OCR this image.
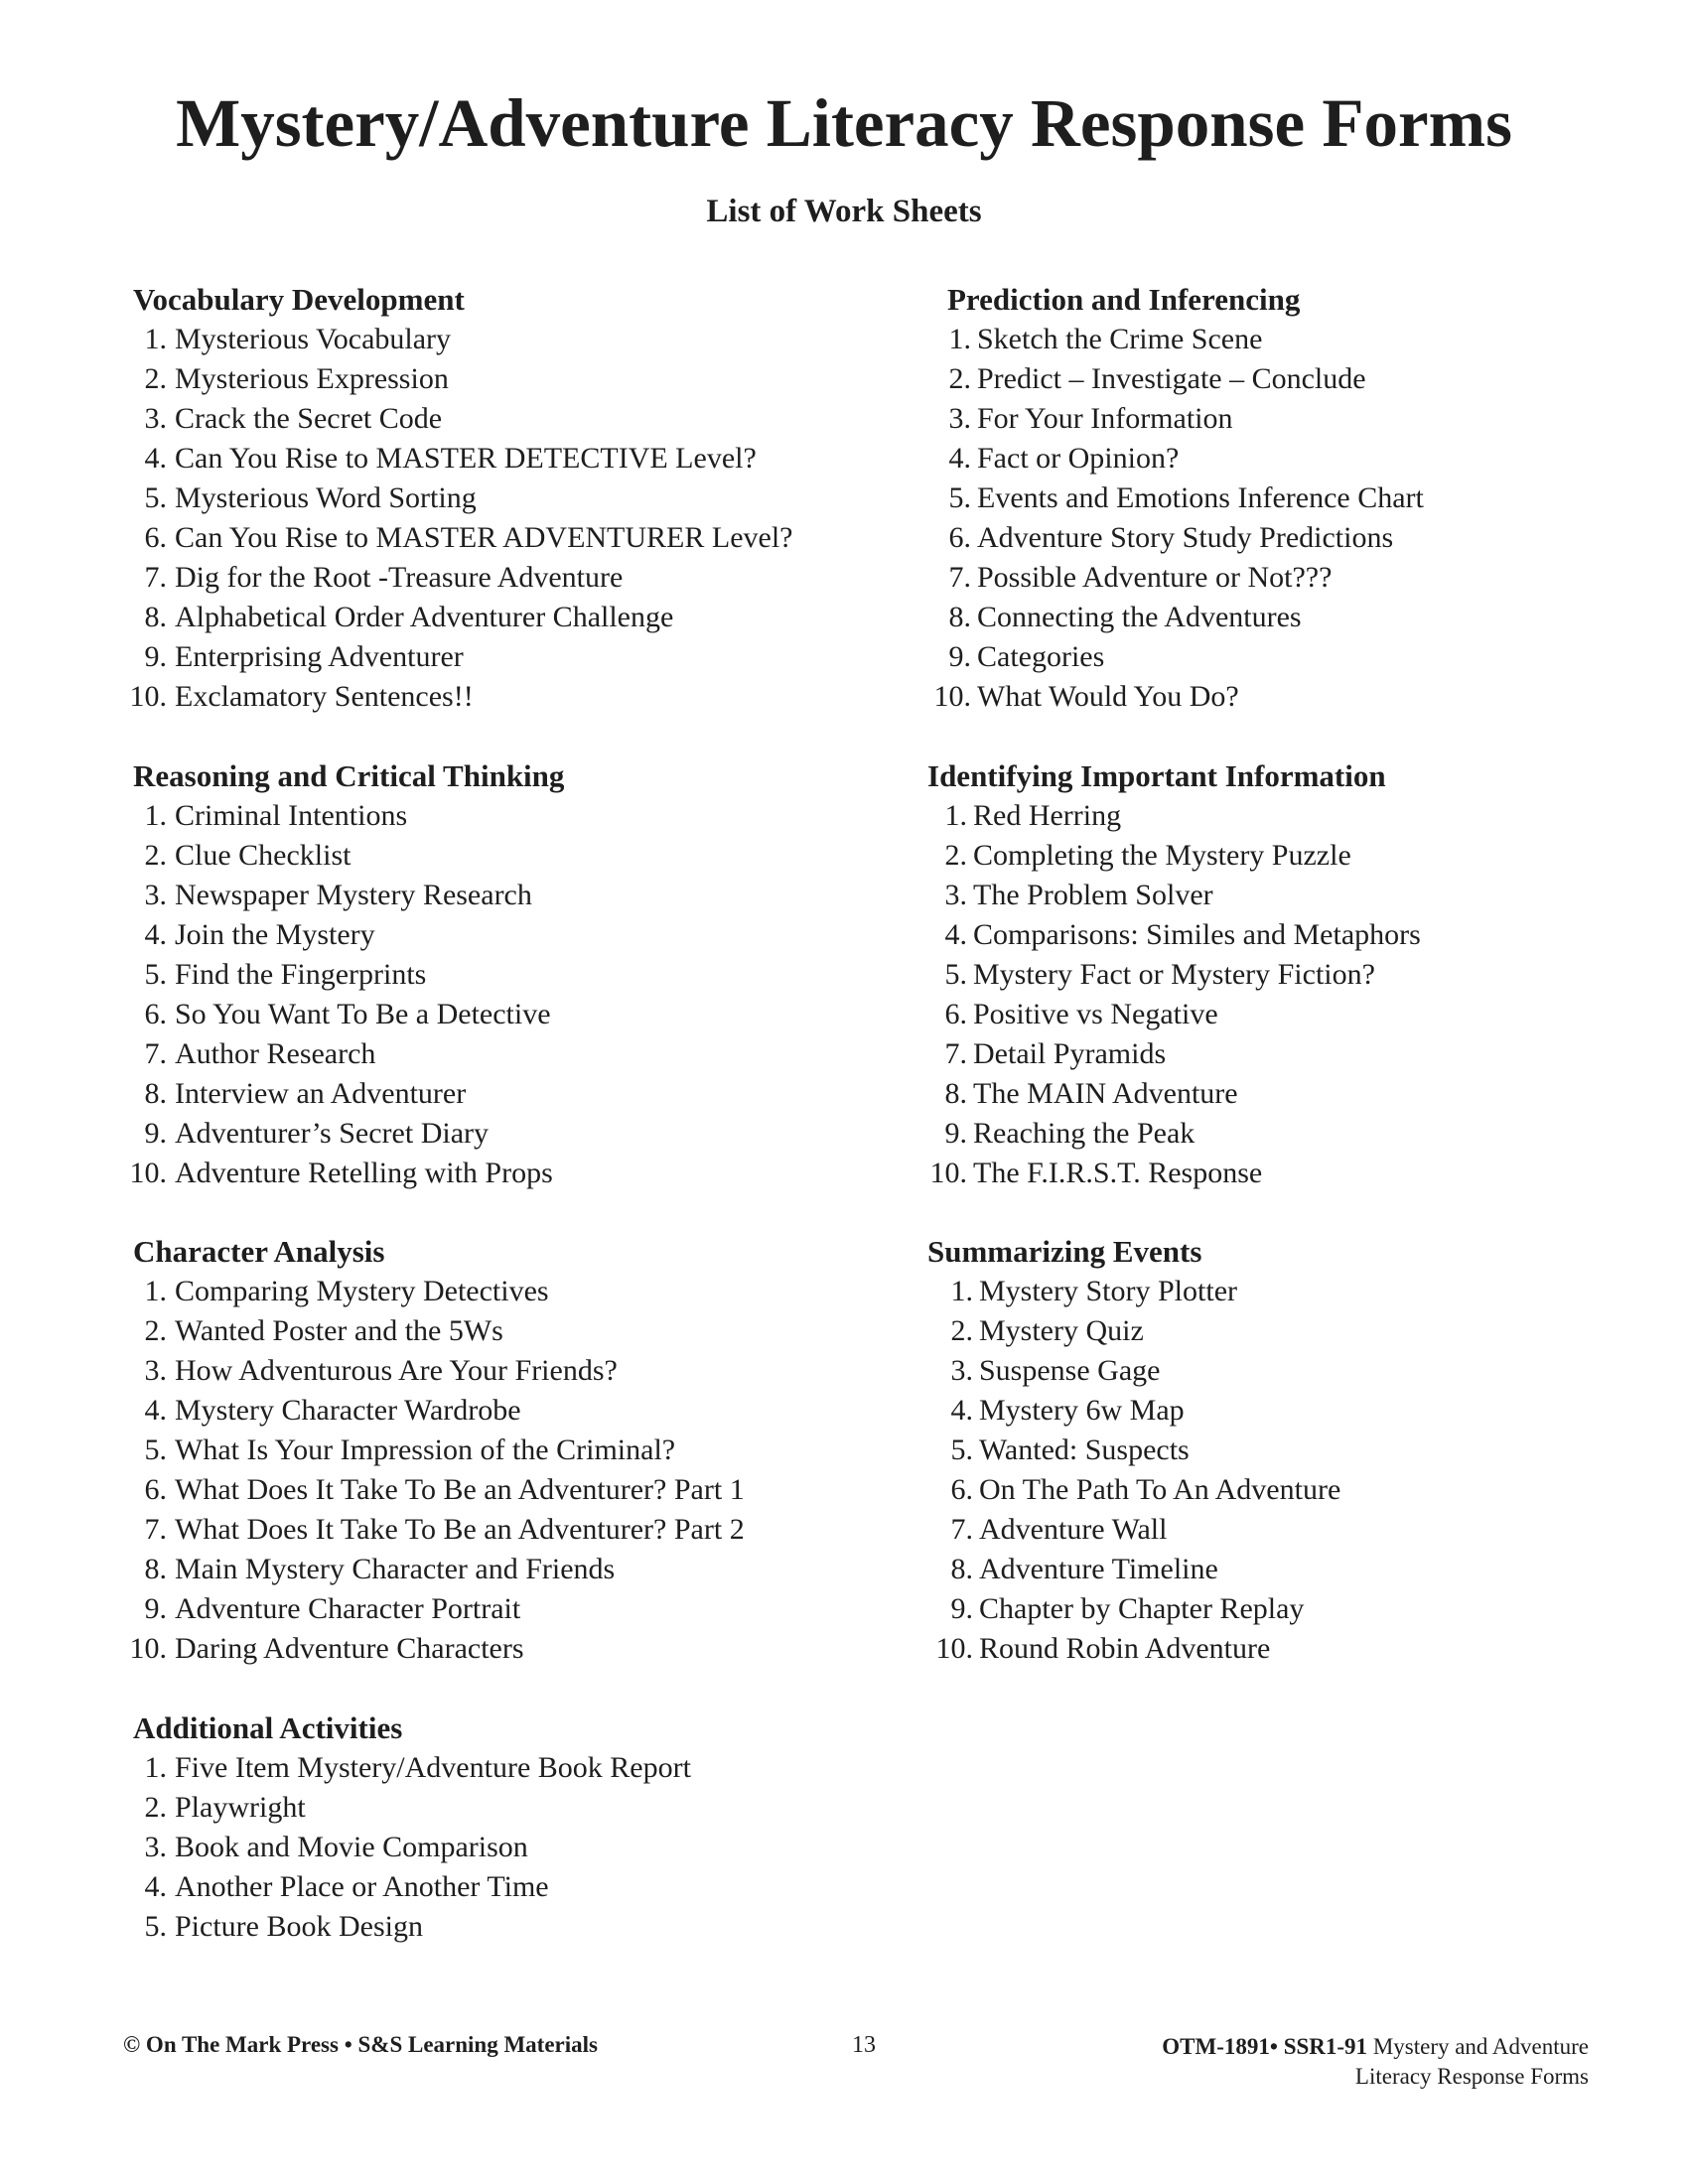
Mystery/Adventure Literacy Response Forms
List of Work Sheets
Vocabulary Development
1. Mysterious Vocabulary
2. Mysterious Expression
3. Crack the Secret Code
4. Can You Rise to MASTER DETECTIVE Level?
5. Mysterious Word Sorting
6. Can You Rise to MASTER ADVENTURER Level?
7. Dig for the Root -Treasure Adventure
8. Alphabetical Order Adventurer Challenge
9. Enterprising Adventurer
10. Exclamatory Sentences!!
Prediction and Inferencing
1. Sketch the Crime Scene
2. Predict – Investigate – Conclude
3. For Your Information
4. Fact or Opinion?
5. Events and Emotions Inference Chart
6. Adventure Story Study Predictions
7. Possible Adventure or Not???
8. Connecting the Adventures
9. Categories
10. What Would You Do?
Reasoning and Critical Thinking
1. Criminal Intentions
2. Clue Checklist
3. Newspaper Mystery Research
4. Join the Mystery
5. Find the Fingerprints
6. So You Want To Be a Detective
7. Author Research
8. Interview an Adventurer
9. Adventurer’s Secret Diary
10. Adventure Retelling with Props
Identifying Important Information
1. Red Herring
2. Completing the Mystery Puzzle
3. The Problem Solver
4. Comparisons: Similes and Metaphors
5. Mystery Fact or Mystery Fiction?
6. Positive vs Negative
7. Detail Pyramids
8. The MAIN Adventure
9. Reaching the Peak
10. The F.I.R.S.T. Response
Character Analysis
1. Comparing Mystery Detectives
2. Wanted Poster and the 5Ws
3. How Adventurous Are Your Friends?
4. Mystery Character Wardrobe
5. What Is Your Impression of the Criminal?
6. What Does It Take To Be an Adventurer? Part 1
7. What Does It Take To Be an Adventurer? Part 2
8. Main Mystery Character and Friends
9. Adventure Character Portrait
10. Daring Adventure Characters
Summarizing Events
1. Mystery Story Plotter
2. Mystery Quiz
3. Suspense Gage
4. Mystery 6w Map
5. Wanted: Suspects
6. On The Path To An Adventure
7. Adventure Wall
8. Adventure Timeline
9. Chapter by Chapter Replay
10. Round Robin Adventure
Additional Activities
1. Five Item Mystery/Adventure Book Report
2. Playwright
3. Book and Movie Comparison
4. Another Place or Another Time
5. Picture Book Design
© On The Mark Press • S&S Learning Materials	13	OTM-1891• SSR1-91 Mystery and Adventure
Literacy Response Forms
